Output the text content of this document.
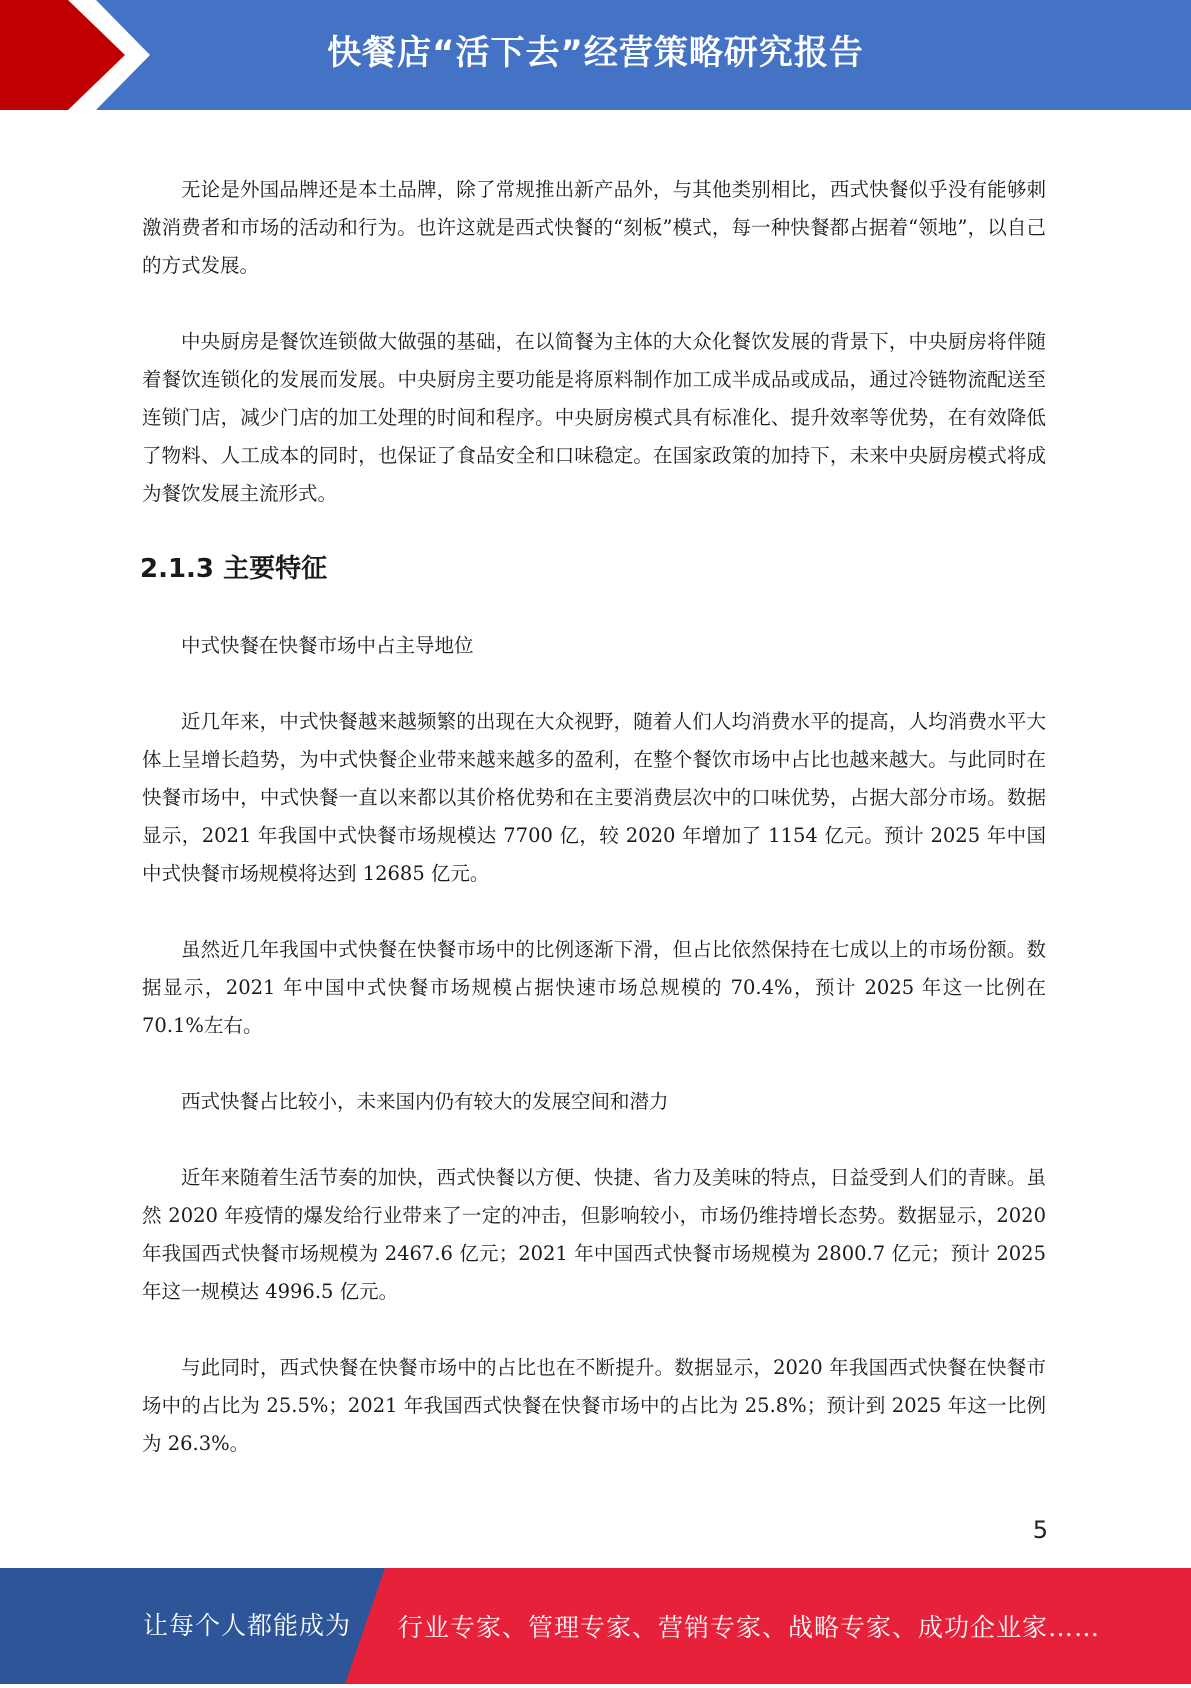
快餐店“活下去”经营策略研究报告

无论是外国品牌还是本土品牌，除了常规推出新产品外，与其他类别相比，西式快餐似乎没有能够刺激消费者和市场的活动和行为。也许这就是西式快餐的“刻板”模式，每一种快餐都占据着“领地”，以自己的方式发展。

中央厨房是餐饮连锁做大做强的基础，在以简餐为主体的大众化餐饮发展的背景下，中央厨房将伴随着餐饮连锁化的发展而发展。中央厨房主要功能是将原料制作加工成半成品或成品，通过冷链物流配送至连锁门店，减少门店的加工处理的时间和程序。中央厨房模式具有标准化、提升效率等优势，在有效降低了物料、人工成本的同时，也保证了食品安全和口味稳定。在国家政策的加持下，未来中央厨房模式将成为餐饮发展主流形式。

2.1.3 主要特征

中式快餐在快餐市场中占主导地位

近几年来，中式快餐越来越频繁的出现在大众视野，随着人们人均消费水平的提高，人均消费水平大体上呈增长趋势，为中式快餐企业带来越来越多的盈利，在整个餐饮市场中占比也越来越大。与此同时在快餐市场中，中式快餐一直以来都以其价格优势和在主要消费层次中的口味优势，占据大部分市场。数据显示，2021 年我国中式快餐市场规模达 7700 亿，较 2020 年增加了 1154 亿元。预计 2025 年中国中式快餐市场规模将达到 12685 亿元。

虽然近几年我国中式快餐在快餐市场中的比例逐渐下滑，但占比依然保持在七成以上的市场份额。数据显示，2021 年中国中式快餐市场规模占据快速市场总规模的 70.4%，预计 2025 年这一比例在 70.1%左右。

西式快餐占比较小，未来国内仍有较大的发展空间和潜力

近年来随着生活节奏的加快，西式快餐以方便、快捷、省力及美味的特点，日益受到人们的青睐。虽然 2020 年疫情的爆发给行业带来了一定的冲击，但影响较小，市场仍维持增长态势。数据显示，2020 年我国西式快餐市场规模为 2467.6 亿元；2021 年中国西式快餐市场规模为 2800.7 亿元；预计 2025 年这一规模达 4996.5 亿元。

与此同时，西式快餐在快餐市场中的占比也在不断提升。数据显示，2020 年我国西式快餐在快餐市场中的占比为 25.5%；2021 年我国西式快餐在快餐市场中的占比为 25.8%；预计到 2025 年这一比例为 26.3%。

5
让每个人都能成为 行业专家、管理专家、营销专家、战略专家、成功企业家……
